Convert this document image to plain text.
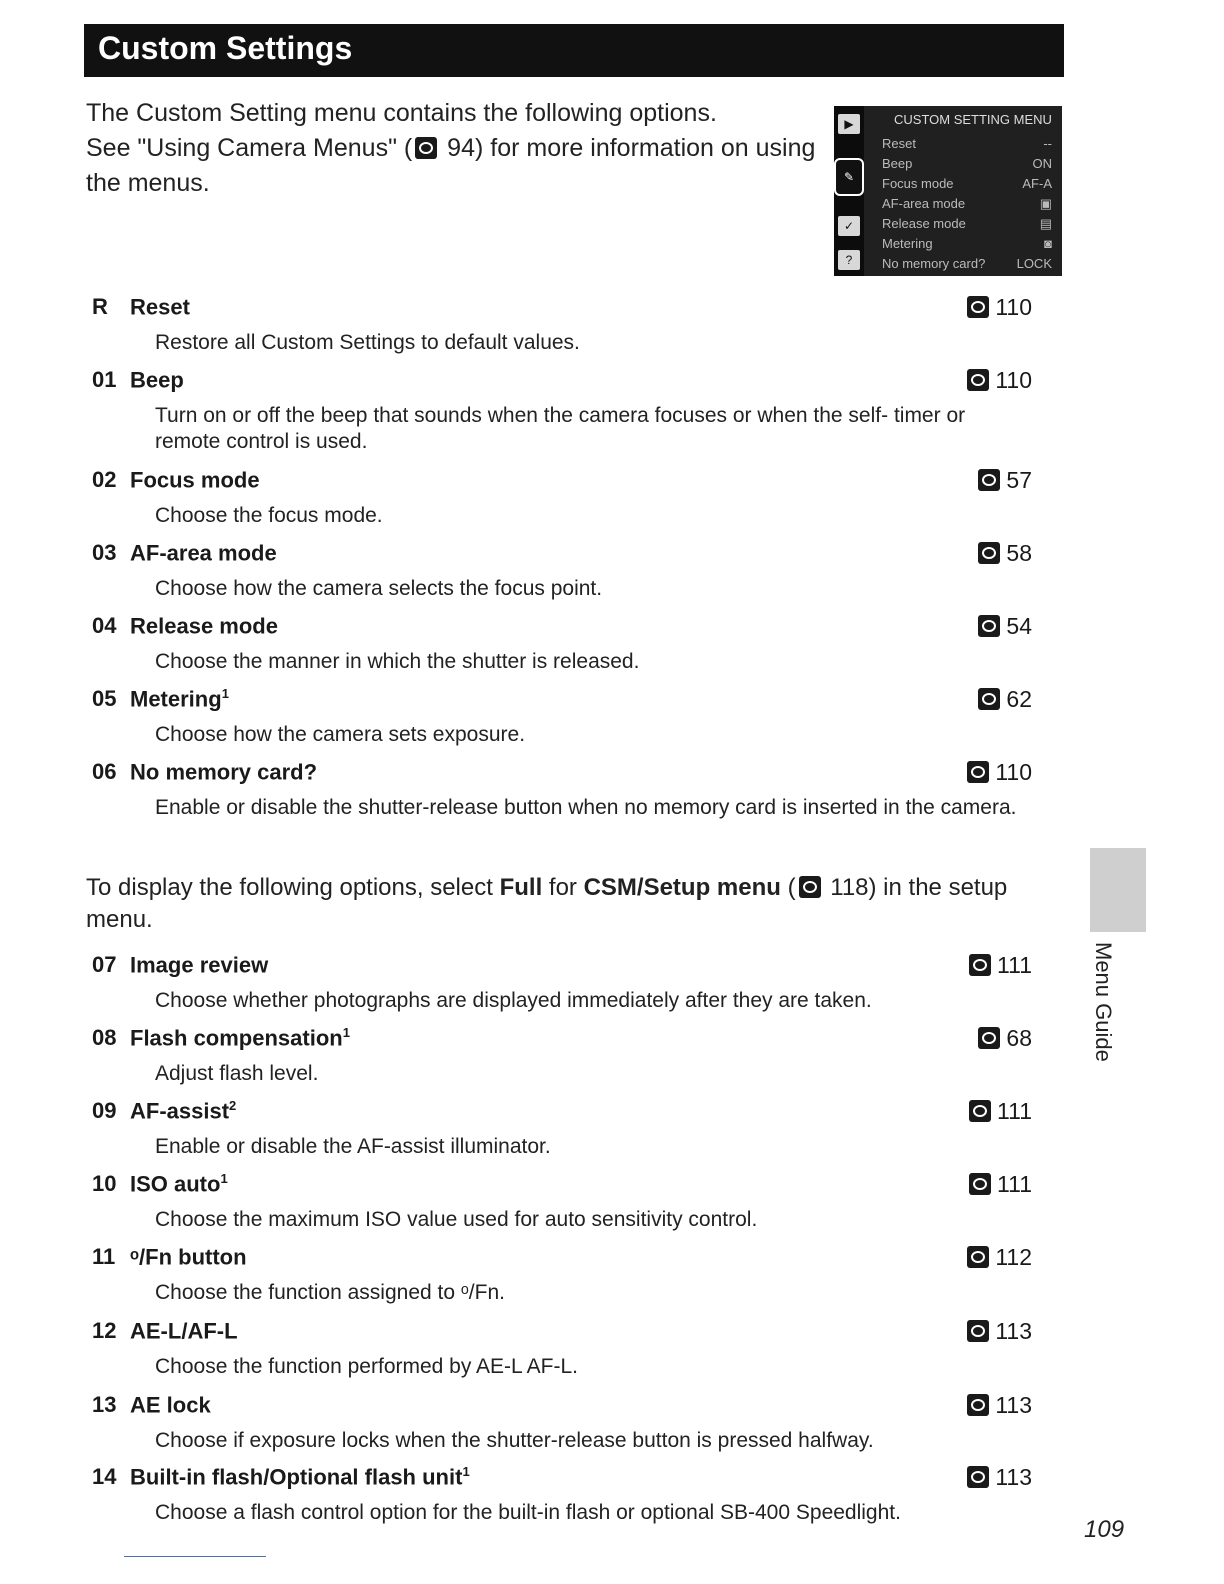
Custom Settings
The Custom Setting menu contains the following options.
See "Using Camera Menus" ( 94) for more information on using the menus.
▶
✎
✓
?
CUSTOM SETTING MENU
Reset	--
Beep	ON
Focus mode	AF-A
AF-area mode	▣
Release mode	▤
Metering	◙
No memory card? LOCK
R Reset	110
Restore all Custom Settings to default values.
01 Beep	110
Turn on or off the beep that sounds when the camera focuses or when the self- timer or remote control is used.
02 Focus mode	57
Choose the focus mode.
03 AF-area mode	58
Choose how the camera selects the focus point.
04 Release mode	54
Choose the manner in which the shutter is released.
05 Metering$^1$	62
Choose how the camera sets exposure.
06 No memory card?	110
Enable or disable the shutter-release button when no memory card is inserted in the camera.
To display the following options, select Full for CSM/Setup menu ( 118) in the setup menu.
07 Image review	111
Choose whether photographs are displayed immediately after they are taken.
08 Flash compensation$^1$	68
Adjust flash level.
09 AF-assist$^2$	111
Enable or disable the AF-assist illuminator.
10 ISO auto$^1$	111
Choose the maximum ISO value used for auto sensitivity control.
11 ᵒ/Fn button	112
Choose the function assigned to ᵒ/Fn.
12 AE-L/AF-L	113
Choose the function performed by AE-L AF-L.
13 AE lock	113
Choose if exposure locks when the shutter-release button is pressed halfway.
14 Built-in flash/Optional flash unit$^1$	113
Choose a flash control option for the built-in flash or optional SB-400 Speedlight.
Menu Guide
109
